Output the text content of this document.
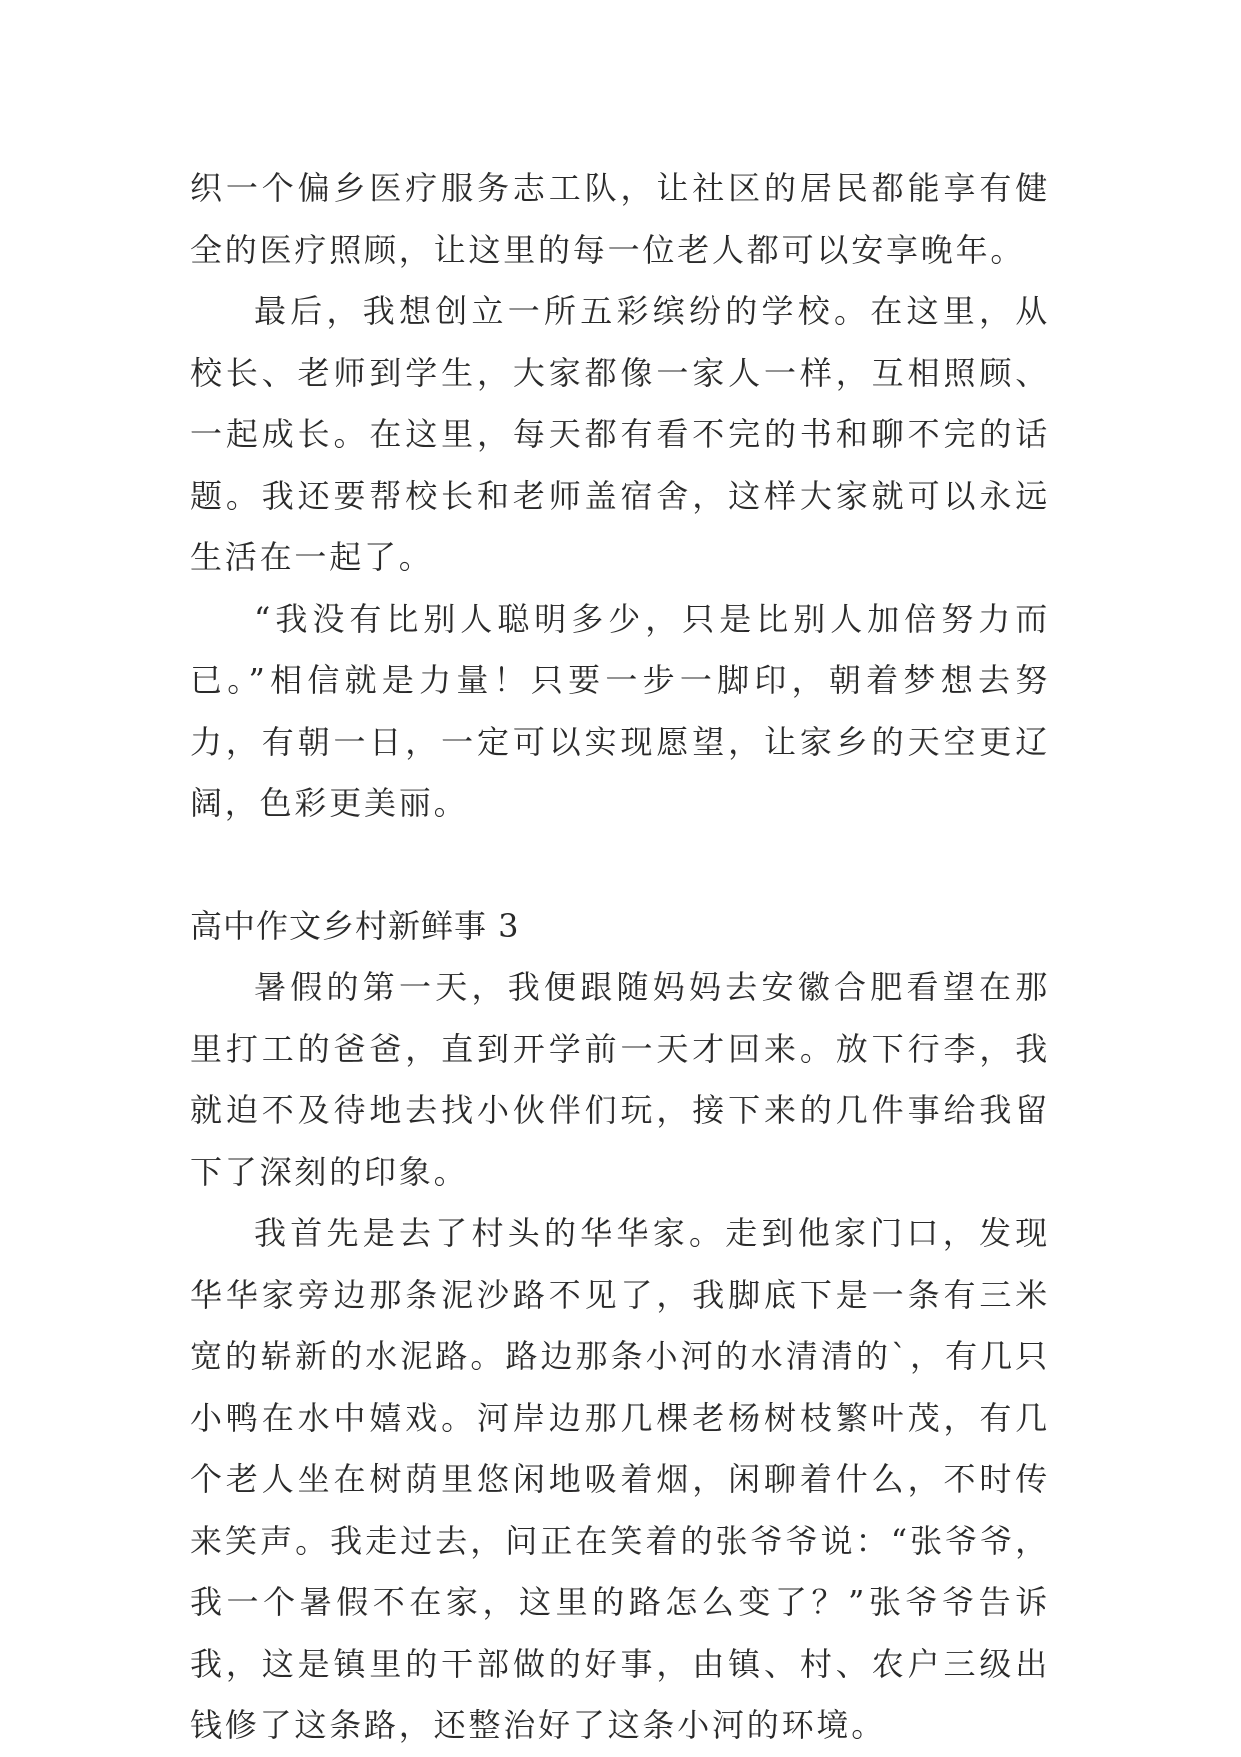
织一个偏乡医疗服务志工队，让社区的居民都能享有健全的医疗照顾，让这里的每一位老人都可以安享晚年。

最后，我想创立一所五彩缤纷的学校。在这里，从校长、老师到学生，大家都像一家人一样，互相照顾、一起成长。在这里，每天都有看不完的书和聊不完的话题。我还要帮校长和老师盖宿舍，这样大家就可以永远生活在一起了。

“我没有比别人聪明多少，只是比别人加倍努力而已。”相信就是力量！只要一步一脚印，朝着梦想去努力，有朝一日，一定可以实现愿望，让家乡的天空更辽阔，色彩更美丽。

高中作文乡村新鲜事 3

暑假的第一天，我便跟随妈妈去安徽合肥看望在那里打工的爸爸，直到开学前一天才回来。放下行李，我就迫不及待地去找小伙伴们玩，接下来的几件事给我留下了深刻的印象。

我首先是去了村头的华华家。走到他家门口，发现华华家旁边那条泥沙路不见了，我脚底下是一条有三米宽的崭新的水泥路。路边那条小河的水清清的`，有几只小鸭在水中嬉戏。河岸边那几棵老杨树枝繁叶茂，有几个老人坐在树荫里悠闲地吸着烟，闲聊着什么，不时传来笑声。我走过去，问正在笑着的张爷爷说：“张爷爷，我一个暑假不在家，这里的路怎么变了？”张爷爷告诉我，这是镇里的干部做的好事，由镇、村、农户三级出钱修了这条路，还整治好了这条小河的环境。
